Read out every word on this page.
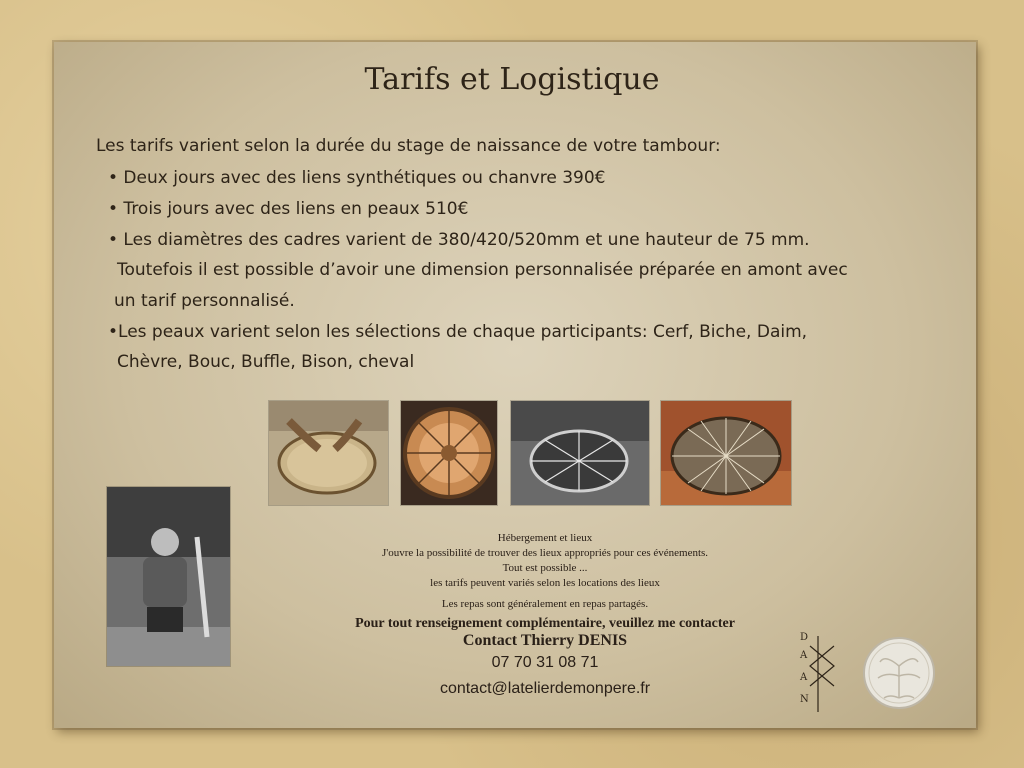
Tarifs et Logistique
Les tarifs varient selon la durée du stage de naissance de votre tambour:
• Deux jours avec des liens synthétiques ou chanvre 390€
• Trois jours avec des liens en peaux 510€
• Les diamètres des cadres varient de 380/420/520mm et une hauteur de 75 mm.
Toutefois il est possible d’avoir une dimension personnalisée préparée en amont avec
un tarif personnalisé.
•Les peaux varient selon les sélections de chaque participants: Cerf, Biche, Daim,
Chèvre, Bouc, Buffle, Bison, cheval
Hébergement et lieux
J'ouvre la possibilité de trouver des lieux appropriés pour ces événements.
Tout est possible ...
les tarifs peuvent variés selon les locations des lieux
Les repas sont généralement en repas partagés.
Pour tout renseignement complémentaire, veuillez me contacter
Contact Thierry DENIS
07 70 31 08 71
contact@latelierdemonpere.fr
D
A
A
N
